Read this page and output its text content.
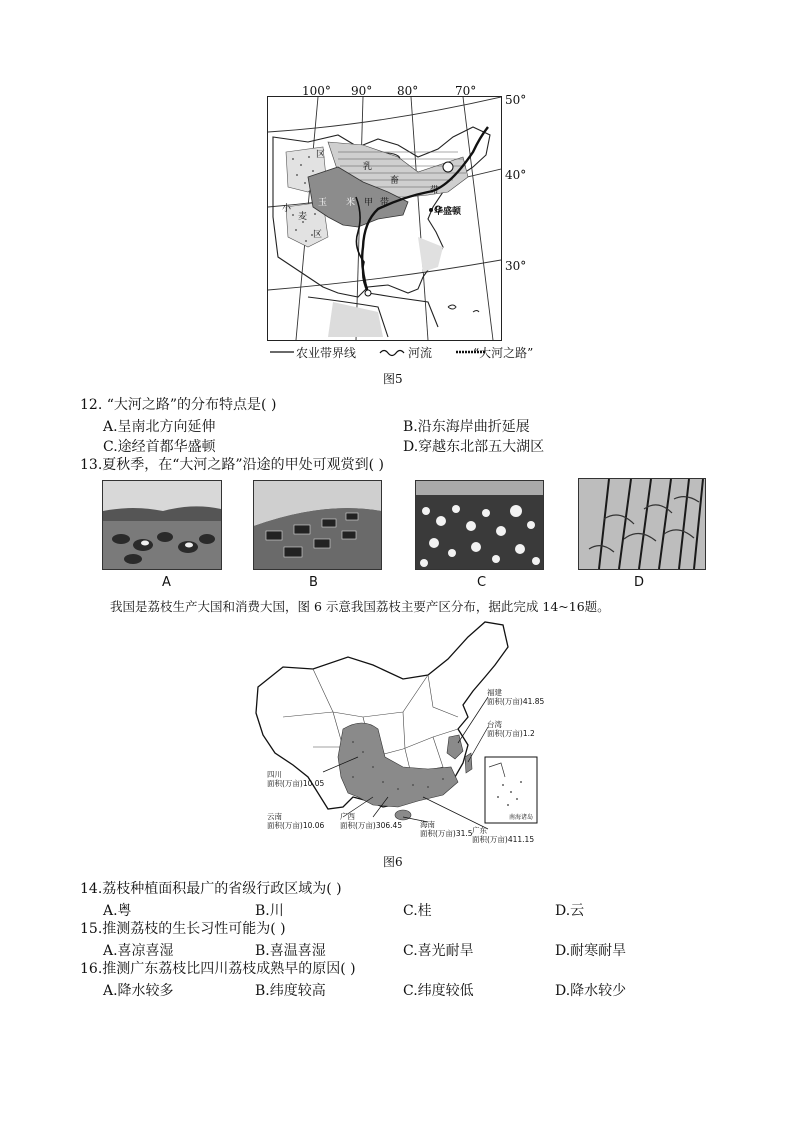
区
玉 米	带
乳
畜
带
小
麦
区
甲
华盛顿
100° 90° 80°	70°
50°
40°
30°
农业带界线	河流	“大河之路”
图5
12. “大河之路”的分布特点是( )
A.呈南北方向延伸	B.沿东海岸曲折延展
C.途经首都华盛顿	D.穿越东北部五大湖区
13.夏秋季，在“大河之路”沿途的甲处可观赏到( )
A	B	C	D
我国是荔枝生产大国和消费大国，图 6 示意我国荔枝主要产区分布，据此完成 14~16题。
南海诸岛
福建
面积(万亩)41.85
台湾
面积(万亩)1.2
四川
面积(万亩)10.05
云南
面积(万亩)10.06
广西
面积(万亩)306.45 海南
面积(万亩)31.5 广东
面积(万亩)411.15
图6
14.荔枝种植面积最广的省级行政区域为( )
A.粤	B.川	C.桂	D.云
15.推测荔枝的生长习性可能为( )
A.喜凉喜湿	B.喜温喜湿	C.喜光耐旱	D.耐寒耐旱
16.推测广东荔枝比四川荔枝成熟早的原因( )
A.降水较多	B.纬度较高	C.纬度较低	D.降水较少
